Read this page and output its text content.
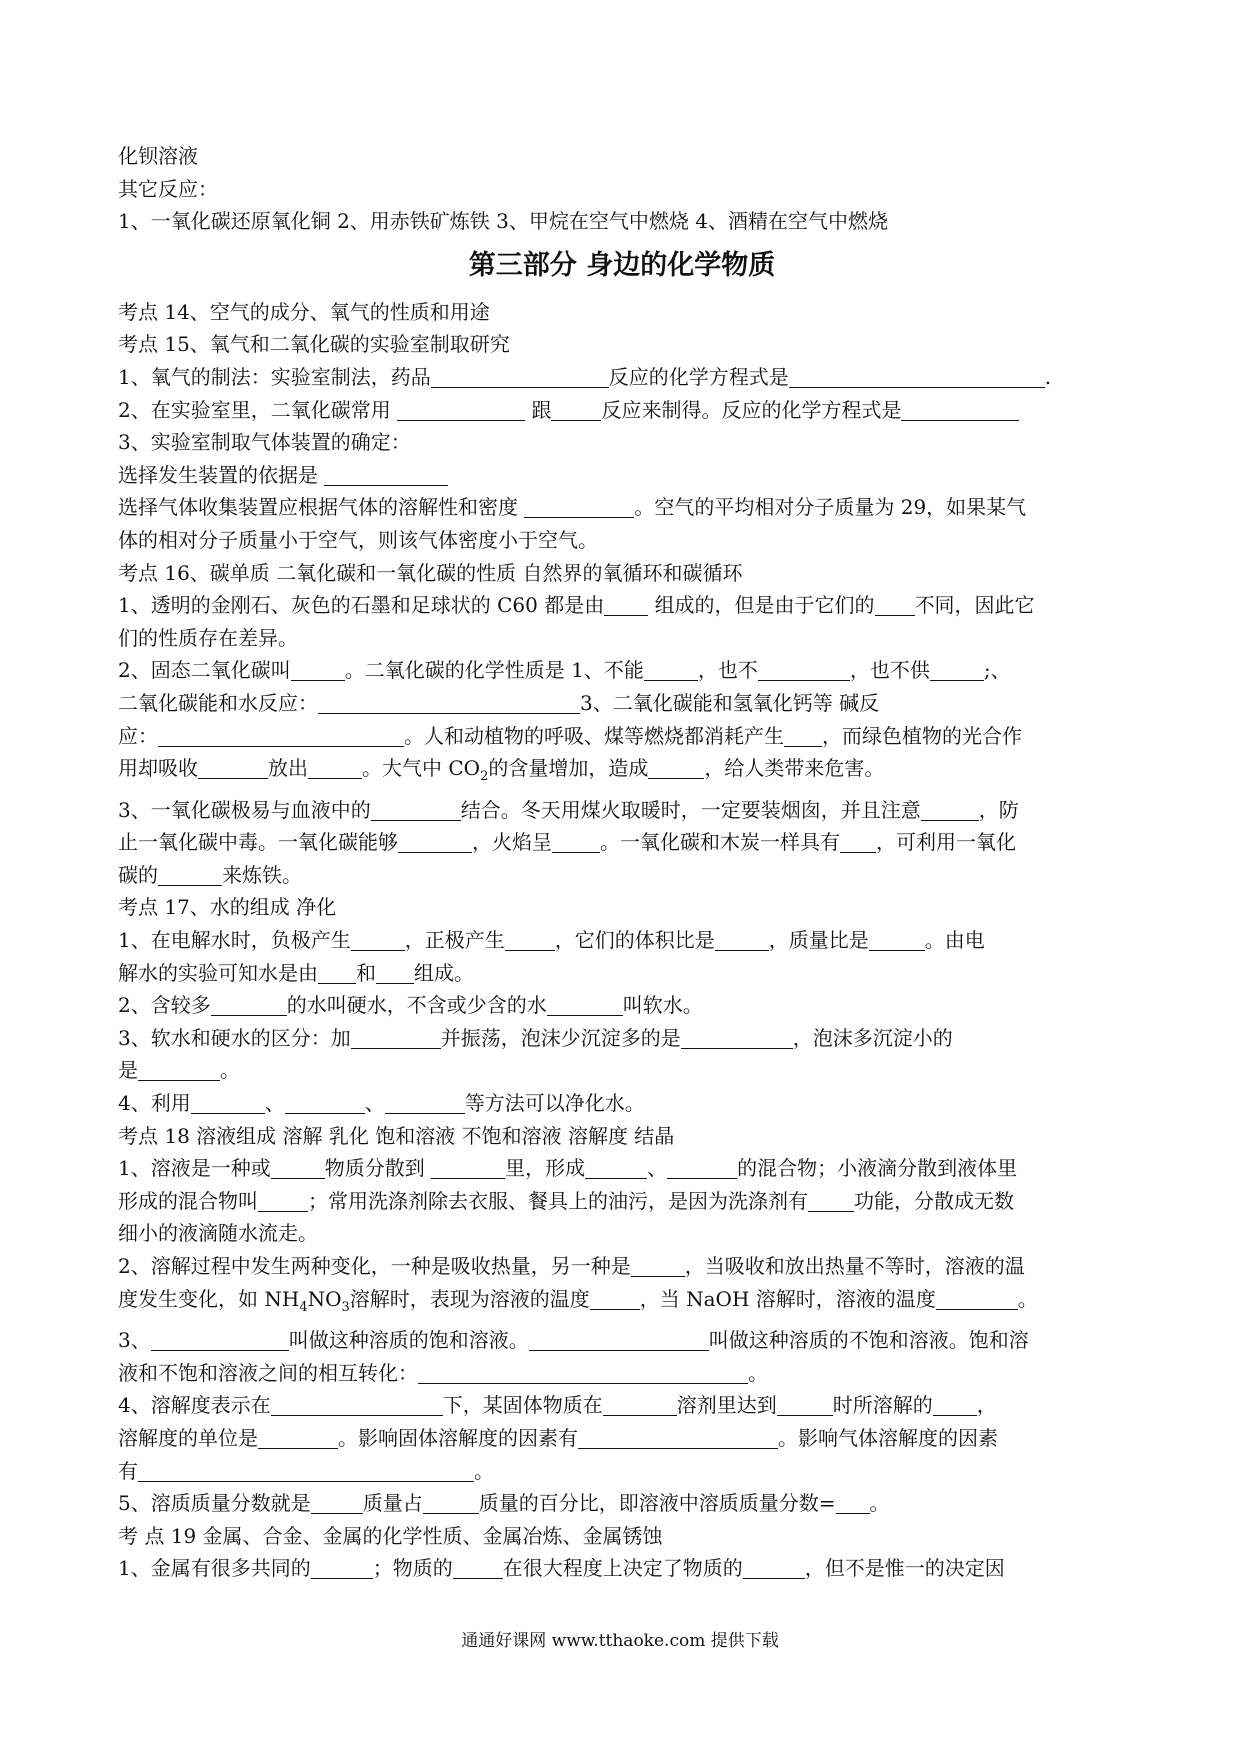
化钡溶液
其它反应：
1、一氧化碳还原氧化铜 2、用赤铁矿炼铁 3、甲烷在空气中燃烧 4、酒精在空气中燃烧
第三部分 身边的化学物质
考点 14、空气的成分、氧气的性质和用途
考点 15、氧气和二氧化碳的实验室制取研究
1、氧气的制法：实验室制法，药品	反应的化学方程式是	.
2、在实验室里，二氧化碳常用	跟	反应来制得。反应的化学方程式是
3、实验室制取气体装置的确定：
选择发生装置的依据是
选择气体收集装置应根据气体的溶解性和密度	。空气的平均相对分子质量为 29，如果某气
体的相对分子质量小于空气，则该气体密度小于空气。
考点 16、碳单质 二氧化碳和一氧化碳的性质 自然界的氧循环和碳循环
1、透明的金刚石、灰色的石墨和足球状的 C60 都是由	组成的，但是由于它们的 不同，因此它
们的性质存在差异。
2、固态二氧化碳叫	。二氧化碳的化学性质是 1、不能	，也不	，也不供	;、
二氧化碳能和水反应：	3、二氧化碳能和氢氧化钙等 碱反
应：	。人和动植物的呼吸、煤等燃烧都消耗产生 ，而绿色植物的光合作
用却吸收	放出	。大气中 $CO_2$的含量增加，造成	，给人类带来危害。
3、一氧化碳极易与血液中的	结合。冬天用煤火取暖时，一定要装烟囱，并且注意	，防
止一氧化碳中毒。一氧化碳能够	，火焰呈 。一氧化碳和木炭一样具有 ，可利用一氧化
碳的	来炼铁。
考点 17、水的组成 净化
1、在电解水时，负极产生	，正极产生	，它们的体积比是	，质量比是	。由电
解水的实验可知水是由 和 组成。
2、含较多	的水叫硬水，不含或少含的水	叫软水。
3、软水和硬水的区分：加	并振荡，泡沫少沉淀多的是	，泡沫多沉淀小的
是	。
4、利用	、	、	等方法可以净化水。
考点 18 溶液组成 溶解 乳化 饱和溶液 不饱和溶液 溶解度 结晶
1、溶液是一种或	物质分散到	里，形成	、	的混合物；小液滴分散到液体里
形成的混合物叫	；常用洗涤剂除去衣服、餐具上的油污，是因为洗涤剂有 功能，分散成无数
细小的液滴随水流走。
2、溶解过程中发生两种变化，一种是吸收热量，另一种是	，当吸收和放出热量不等时，溶液的温
度发生变化，如 $NH_4NO_3$溶解时，表现为溶液的温度	，当 NaOH 溶解时，溶液的温度	。
3、	叫做这种溶质的饱和溶液。	叫做这种溶质的不饱和溶液。饱和溶
液和不饱和溶液之间的相互转化：	。
4、溶解度表示在	下，某固体物质在	溶剂里达到	时所溶解的 ，
溶解度的单位是	。影响固体溶解度的因素有	。影响气体溶解度的因素
有	。
5、溶质质量分数就是	质量占	质量的百分比，即溶液中溶质质量分数= 。
考 点 19 金属、合金、金属的化学性质、金属冶炼、金属锈蚀
1、金属有很多共同的	；物质的	在很大程度上决定了物质的	，但不是惟一的决定因
通通好课网 www.tthaoke.com 提供下载
